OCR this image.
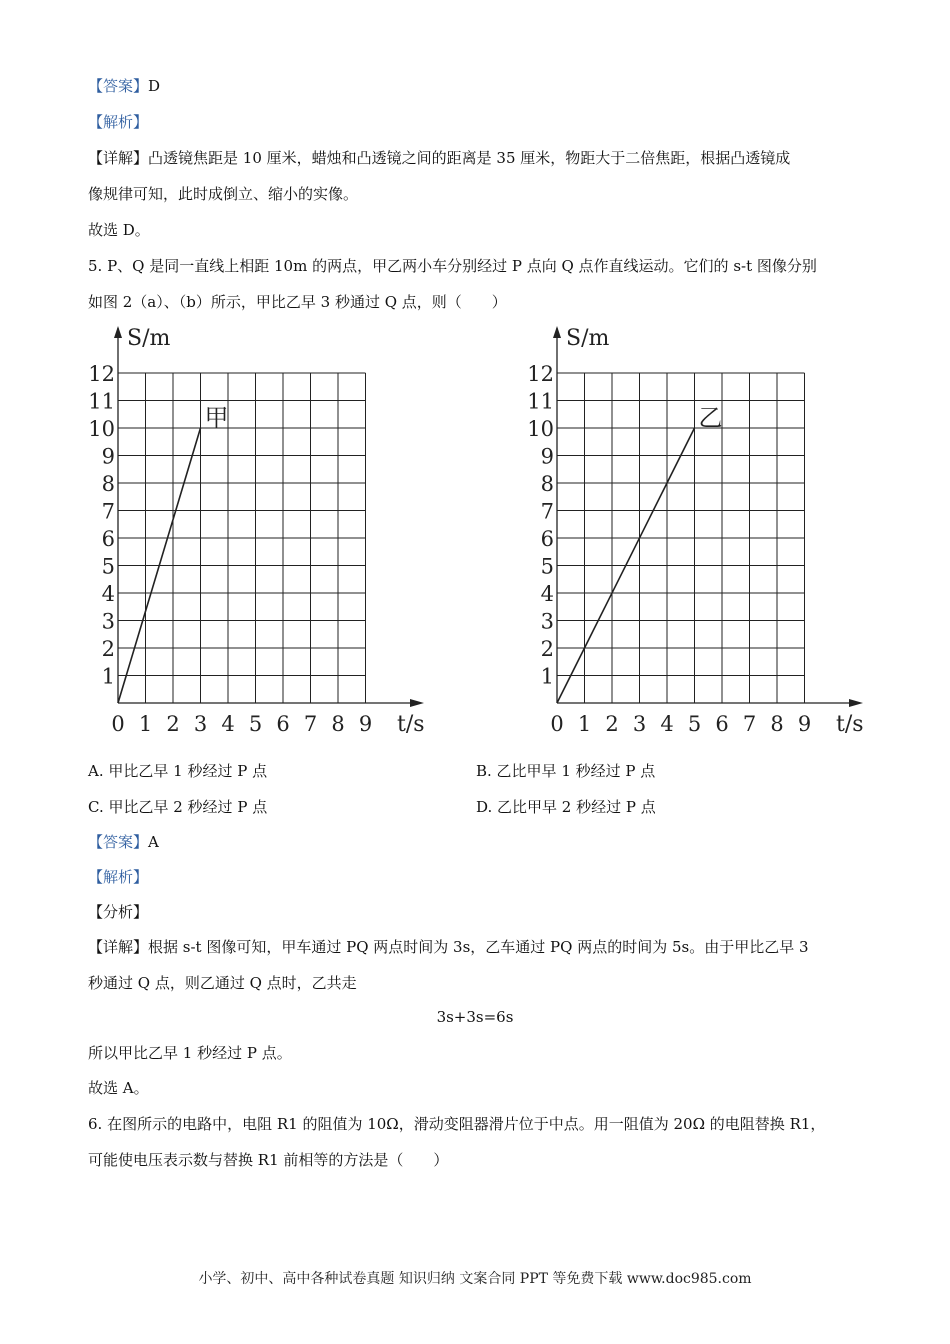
【答案】D
【解析】
【详解】凸透镜焦距是 10 厘米，蜡烛和凸透镜之间的距离是 35 厘米，物距大于二倍焦距，根据凸透镜成
像规律可知，此时成倒立、缩小的实像。
故选 D。
5. P、Q 是同一直线上相距 10m 的两点，甲乙两小车分别经过 P 点向 Q 点作直线运动。它们的 s-t 图像分别
如图 2（a）、（b）所示，甲比乙早 3 秒通过 Q 点，则（　　）
1
2
3
4
5
6
7
8
9
10
11
12
0 1 2 3 4 5 6 7 8 9
S/m
t/s
甲
1
2
3
4
5
6
7
8
9
10
11
12
0 1 2 3 4 5 6 7 8 9
S/m
t/s
乙
A. 甲比乙早 1 秒经过 P 点	B. 乙比甲早 1 秒经过 P 点
C. 甲比乙早 2 秒经过 P 点	D. 乙比甲早 2 秒经过 P 点
【答案】A
【解析】
【分析】
【详解】根据 s-t 图像可知，甲车通过 PQ 两点时间为 3s，乙车通过 PQ 两点的时间为 5s。由于甲比乙早 3
秒通过 Q 点，则乙通过 Q 点时，乙共走
3s+3s=6s
所以甲比乙早 1 秒经过 P 点。
故选 A。
6. 在图所示的电路中，电阻 R1 的阻值为 10Ω，滑动变阻器滑片位于中点。用一阻值为 20Ω 的电阻替换 R1，
可能使电压表示数与替换 R1 前相等的方法是（　　）
小学、初中、高中各种试卷真题 知识归纳 文案合同 PPT 等免费下载 www.doc985.com
